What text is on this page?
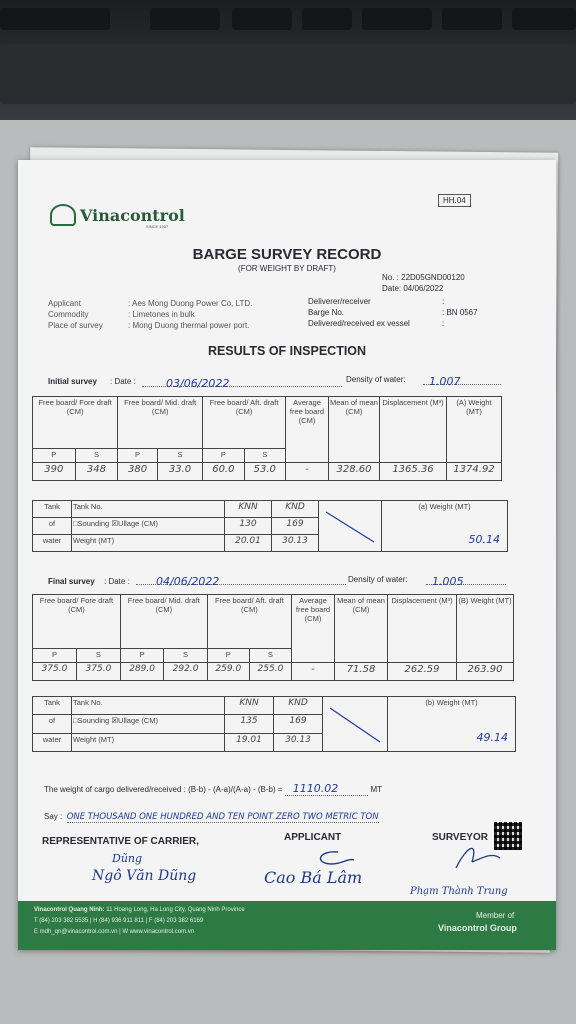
HH.04
Vinacontrol
SINCE 1957
BARGE SURVEY RECORD
(FOR WEIGHT BY DRAFT)
No. : 22D05GND00120
Date: 04/06/2022
Applicant	: Aes Mong Duong Power Co, LTD.
Commodity	: Limetones in bulk
Place of survey	: Mong Duong thermal power port.
Deliverer/receiver	:
Barge No.	: BN 0567
Delivered/received ex vessel	:
RESULTS OF INSPECTION
Initial survey : Date :	03/06/2022	Density of water:	1.007
Free board/ Fore draft (CM)		Free board/ Mid. draft (CM)		Free board/ Aft. draft (CM)		Average free board (CM)	Mean of mean (CM)	Displacement (M³)	(A) Weight (MT)
P	S	P	S	P	S				
390	348	380	33.0	60.0	53.0	-	328.60	1365.36	1374.92
Tank	Tank No.	KNN	KND		(a) Weight (MT)
50.14

of	□Sounding ☒Ullage (CM)	130	169		
water	Weight (MT)	20.01	30.13		
Final survey : Date :	04/06/2022	Density of water:	1.005
Free board/ Fore draft (CM)		Free board/ Mid. draft (CM)		Free board/ Aft. draft (CM)		Average free board (CM)	Mean of mean (CM)	Displacement (M³)	(B) Weight (MT)
P	S	P	S	P	S				
375.0	375.0	289.0	292.0	259.0	255.0	-	71.58	262.59	263.90
Tank	Tank No.	KNN	KND		(b) Weight (MT)
49.14

of	□Sounding ☒Ullage (CM)	135	169		
water	Weight (MT)	19.01	30.13		
The weight of cargo delivered/received : (B-b) - (A-a)/(A-a) - (B-b) = 1110.02	MT
Say : ONE THOUSAND ONE HUNDRED AND TEN POINT ZERO TWO METRIC TON
REPRESENTATIVE OF CARRIER,	APPLICANT	SURVEYOR
Dũng
Ngô Văn Dũng	Cao Bá Lâm
Phạm Thành Trung
Vinacontrol Quang Ninh: 11 Hoang Long, Ha Long City, Quang Ninh Province
T (84) 203 382 5535 | H (84) 936 911 811 | F (84) 203 382 6169
E mdh_qn@vinacontrol.com.vn | W www.vinacontrol.com.vn
Member of
Vinacontrol Group
